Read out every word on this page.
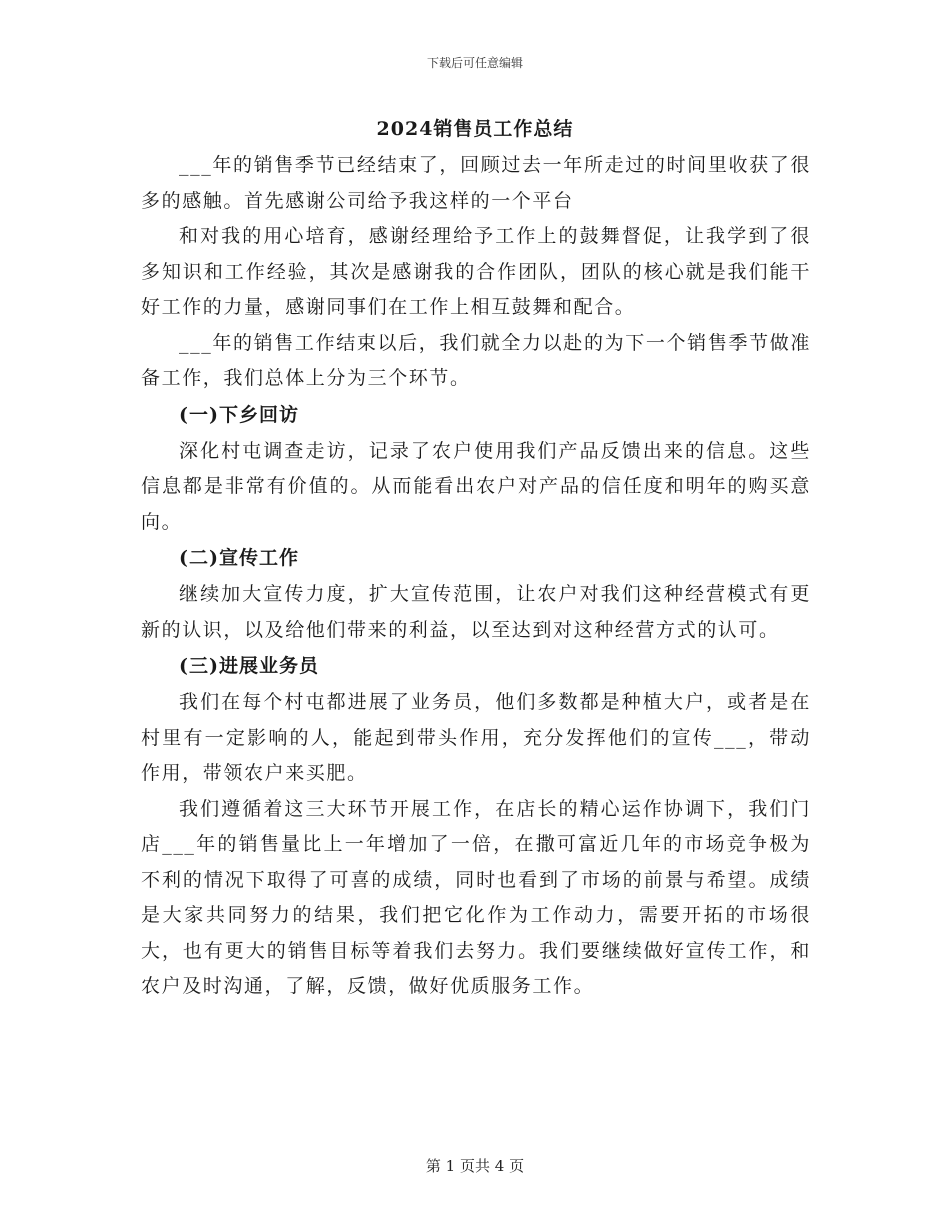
下载后可任意编辑
2024销售员工作总结

___年的销售季节已经结束了，回顾过去一年所走过的时间里收获了很多的感触。首先感谢公司给予我这样的一个平台

和对我的用心培育，感谢经理给予工作上的鼓舞督促，让我学到了很多知识和工作经验，其次是感谢我的合作团队，团队的核心就是我们能干好工作的力量，感谢同事们在工作上相互鼓舞和配合。

___年的销售工作结束以后，我们就全力以赴的为下一个销售季节做准备工作，我们总体上分为三个环节。

(一)下乡回访

深化村屯调查走访，记录了农户使用我们产品反馈出来的信息。这些信息都是非常有价值的。从而能看出农户对产品的信任度和明年的购买意向。

(二)宣传工作

继续加大宣传力度，扩大宣传范围，让农户对我们这种经营模式有更新的认识，以及给他们带来的利益，以至达到对这种经营方式的认可。

(三)进展业务员

我们在每个村屯都进展了业务员，他们多数都是种植大户，或者是在村里有一定影响的人，能起到带头作用，充分发挥他们的宣传___，带动作用，带领农户来买肥。

我们遵循着这三大环节开展工作，在店长的精心运作协调下，我们门店___年的销售量比上一年增加了一倍，在撒可富近几年的市场竞争极为不利的情况下取得了可喜的成绩，同时也看到了市场的前景与希望。成绩是大家共同努力的结果，我们把它化作为工作动力，需要开拓的市场很大，也有更大的销售目标等着我们去努力。我们要继续做好宣传工作，和农户及时沟通，了解，反馈，做好优质服务工作。

第 1 页共 4 页
